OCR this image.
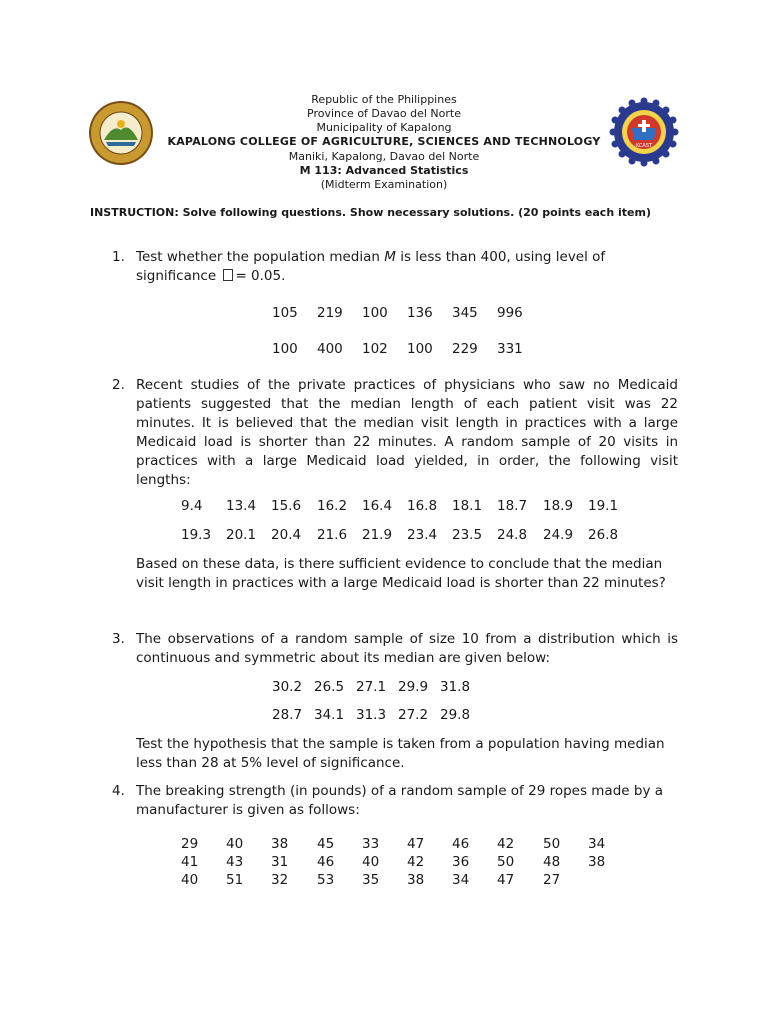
BAYAN NG KAPALONG
KCAST
Republic of the Philippines
Province of Davao del Norte
Municipality of Kapalong
KAPALONG COLLEGE OF AGRICULTURE, SCIENCES AND TECHNOLOGY
Maniki, Kapalong, Davao del Norte
M 113: Advanced Statistics
(Midterm Examination)
INSTRUCTION: Solve following questions. Show necessary solutions. (20 points each item)
1. Test whether the population median M is less than 400, using level of
significance = 0.05.
105 219 100 136 345 996
100 400 102 100 229 331
2. Recent studies of the private practices of physicians who saw no Medicaid patients suggested that the median length of each patient visit was 22 minutes. It is believed that the median visit length in practices with a large Medicaid load is shorter than 22 minutes. A random sample of 20 visits in practices with a large Medicaid load yielded, in order, the following visit lengths:
9.4 13.4 15.6 16.2 16.4 16.8 18.1 18.7 18.9 19.1
19.3 20.1 20.4 21.6 21.9 23.4 23.5 24.8 24.9 26.8
Based on these data, is there sufficient evidence to conclude that the median visit length in practices with a large Medicaid load is shorter than 22 minutes?
3. The observations of a random sample of size 10 from a distribution which is continuous and symmetric about its median are given below:
30.2 26.5 27.1 29.9 31.8
28.7 34.1 31.3 27.2 29.8
Test the hypothesis that the sample is taken from a population having median less than 28 at 5% level of significance.
4. The breaking strength (in pounds) of a random sample of 29 ropes made by a manufacturer is given as follows:
29 40 38 45 33 47 46 42 50 34
41 43 31 46 40 42 36 50 48 38
40 51 32 53 35 38 34 47 27
